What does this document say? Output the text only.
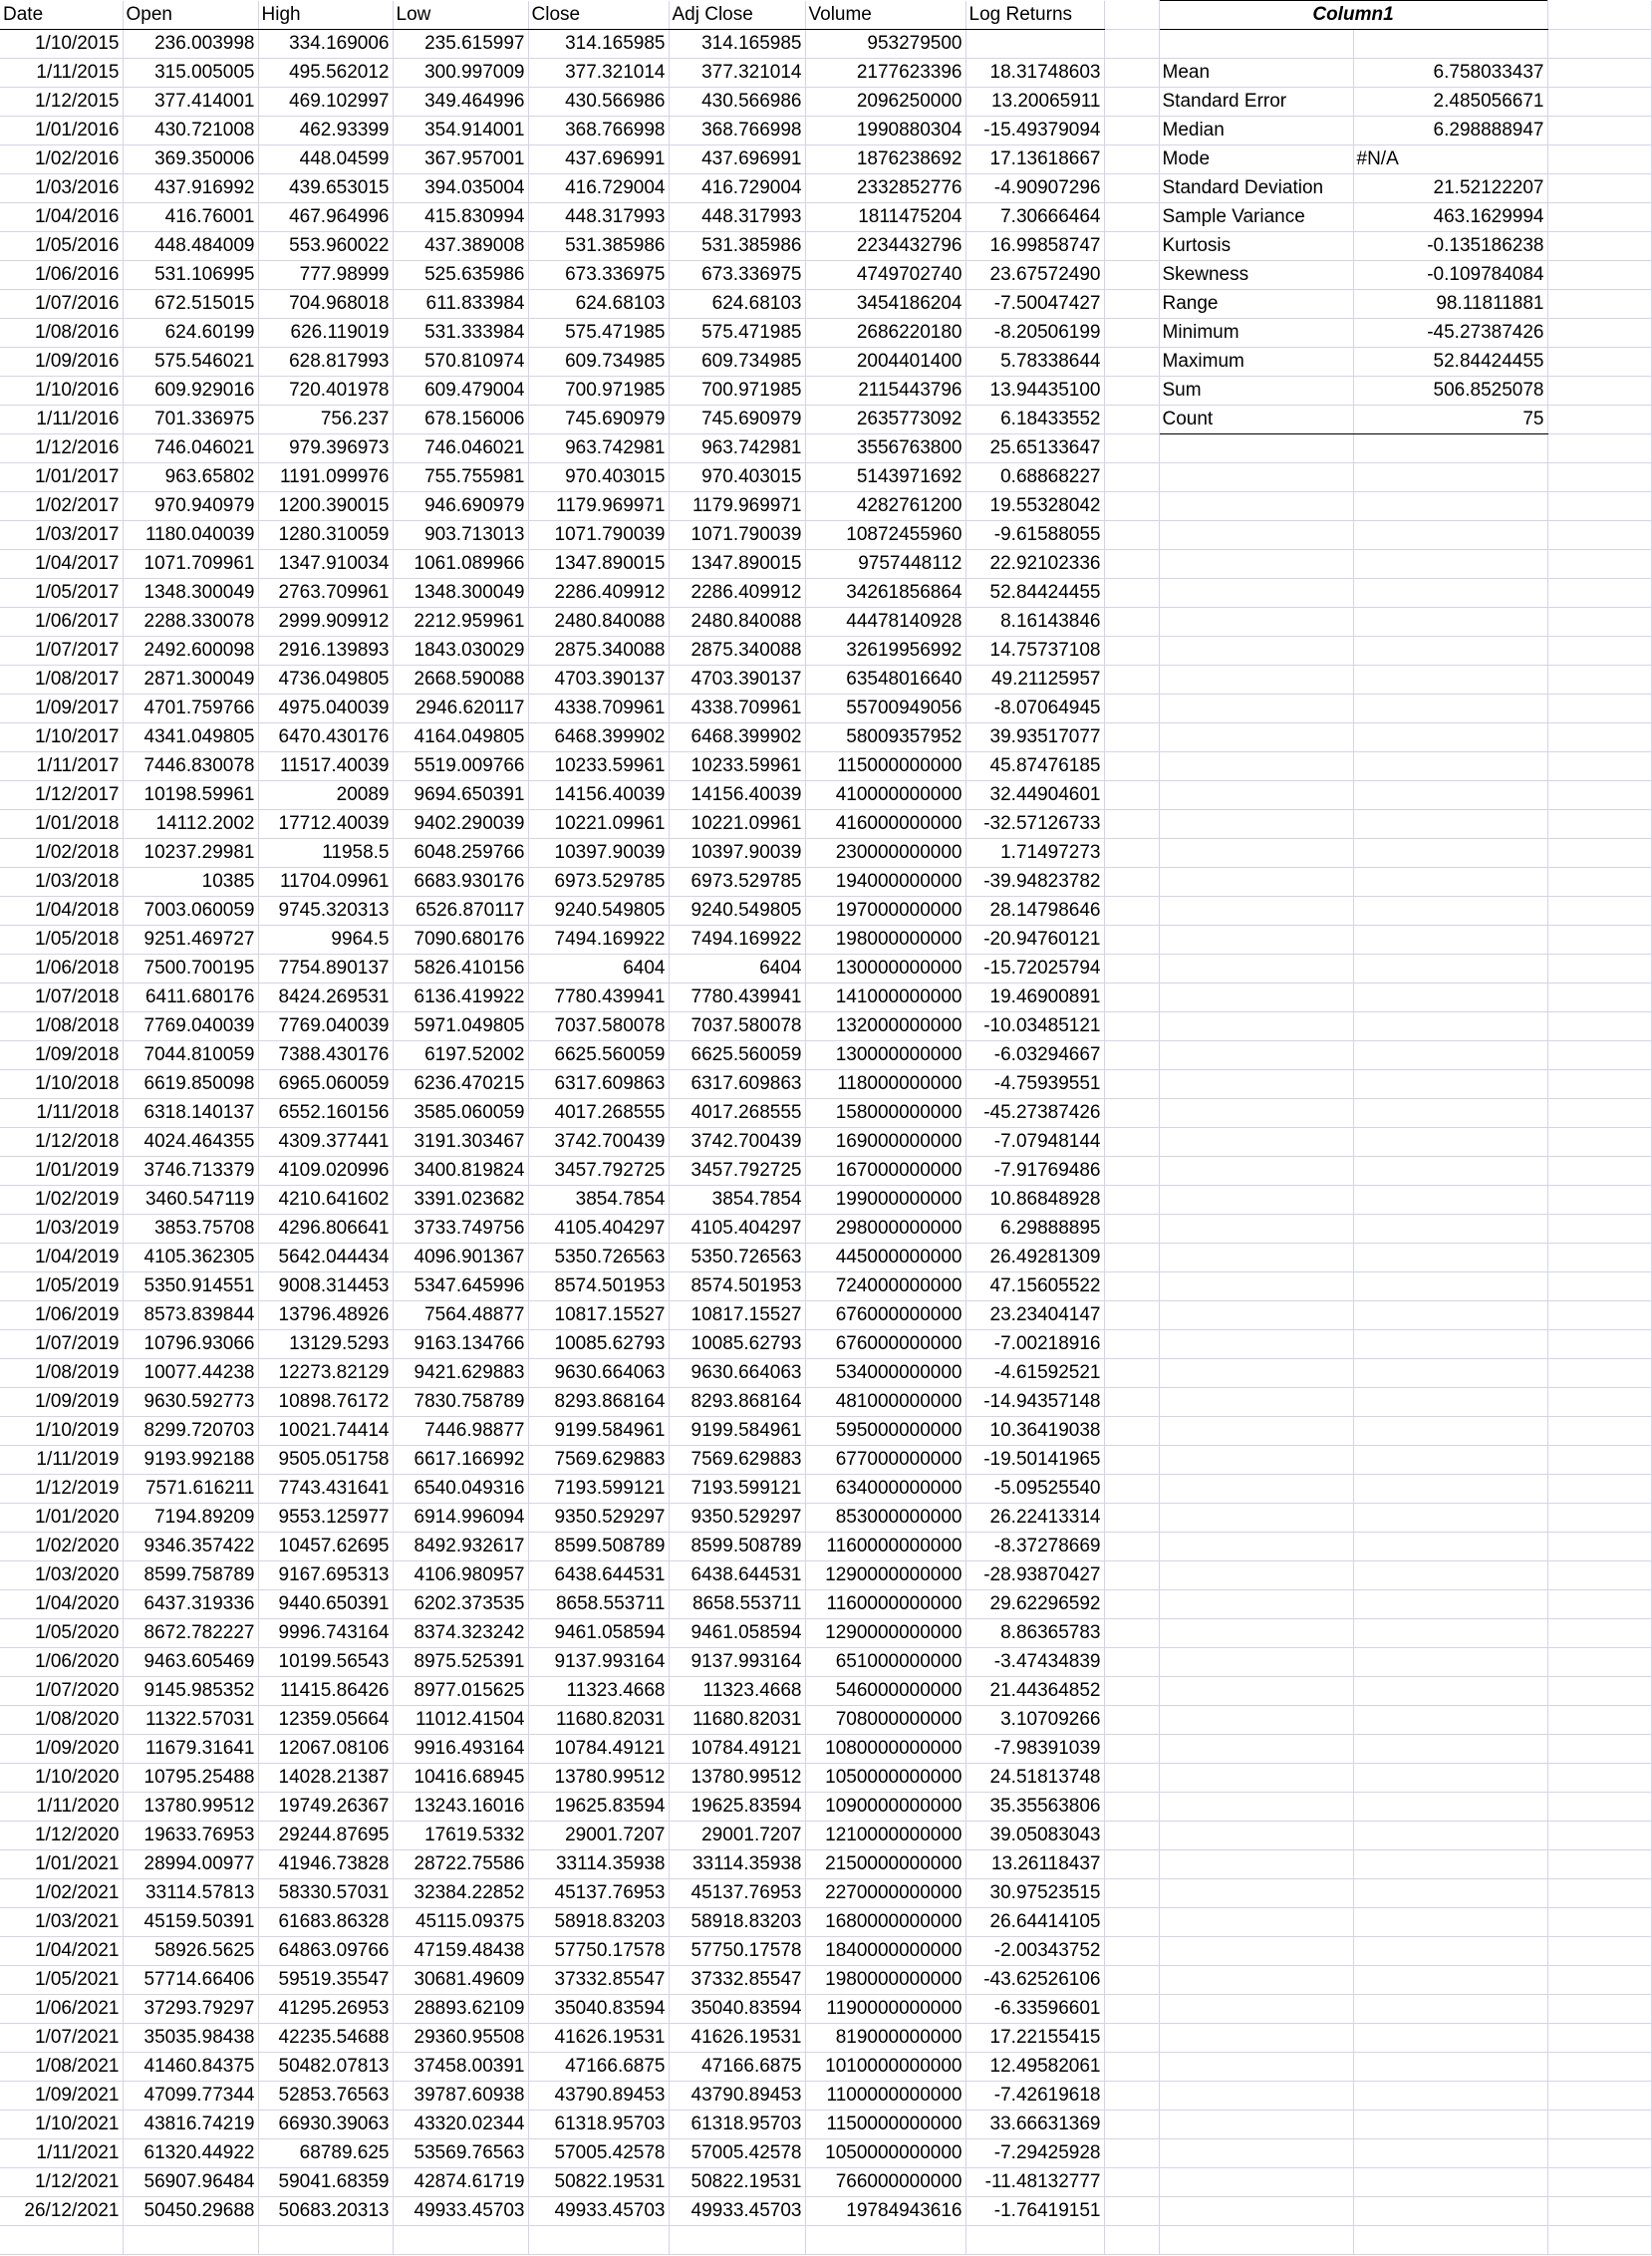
Date	Open	High	Low	Close	Adj Close	Volume	Log Returns		Column1		
1/10/2015	236.003998	334.169006	235.615997	314.165985	314.165985	953279500					
1/11/2015	315.005005	495.562012	300.997009	377.321014	377.321014	2177623396	18.31748603		Mean	6.758033437	
1/12/2015	377.414001	469.102997	349.464996	430.566986	430.566986	2096250000	13.20065911		Standard Error	2.485056671	
1/01/2016	430.721008	462.93399	354.914001	368.766998	368.766998	1990880304	-15.49379094		Median	6.298888947	
1/02/2016	369.350006	448.04599	367.957001	437.696991	437.696991	1876238692	17.13618667		Mode	#N/A	
1/03/2016	437.916992	439.653015	394.035004	416.729004	416.729004	2332852776	-4.90907296		Standard Deviation	21.52122207	
1/04/2016	416.76001	467.964996	415.830994	448.317993	448.317993	1811475204	7.30666464		Sample Variance	463.1629994	
1/05/2016	448.484009	553.960022	437.389008	531.385986	531.385986	2234432796	16.99858747		Kurtosis	-0.135186238	
1/06/2016	531.106995	777.98999	525.635986	673.336975	673.336975	4749702740	23.67572490		Skewness	-0.109784084	
1/07/2016	672.515015	704.968018	611.833984	624.68103	624.68103	3454186204	-7.50047427		Range	98.11811881	
1/08/2016	624.60199	626.119019	531.333984	575.471985	575.471985	2686220180	-8.20506199		Minimum	-45.27387426	
1/09/2016	575.546021	628.817993	570.810974	609.734985	609.734985	2004401400	5.78338644		Maximum	52.84424455	
1/10/2016	609.929016	720.401978	609.479004	700.971985	700.971985	2115443796	13.94435100		Sum	506.8525078	
1/11/2016	701.336975	756.237	678.156006	745.690979	745.690979	2635773092	6.18433552		Count	75	
1/12/2016	746.046021	979.396973	746.046021	963.742981	963.742981	3556763800	25.65133647				
1/01/2017	963.65802	1191.099976	755.755981	970.403015	970.403015	5143971692	0.68868227				
1/02/2017	970.940979	1200.390015	946.690979	1179.969971	1179.969971	4282761200	19.55328042				
1/03/2017	1180.040039	1280.310059	903.713013	1071.790039	1071.790039	10872455960	-9.61588055				
1/04/2017	1071.709961	1347.910034	1061.089966	1347.890015	1347.890015	9757448112	22.92102336				
1/05/2017	1348.300049	2763.709961	1348.300049	2286.409912	2286.409912	34261856864	52.84424455				
1/06/2017	2288.330078	2999.909912	2212.959961	2480.840088	2480.840088	44478140928	8.16143846				
1/07/2017	2492.600098	2916.139893	1843.030029	2875.340088	2875.340088	32619956992	14.75737108				
1/08/2017	2871.300049	4736.049805	2668.590088	4703.390137	4703.390137	63548016640	49.21125957				
1/09/2017	4701.759766	4975.040039	2946.620117	4338.709961	4338.709961	55700949056	-8.07064945				
1/10/2017	4341.049805	6470.430176	4164.049805	6468.399902	6468.399902	58009357952	39.93517077				
1/11/2017	7446.830078	11517.40039	5519.009766	10233.59961	10233.59961	115000000000	45.87476185				
1/12/2017	10198.59961	20089	9694.650391	14156.40039	14156.40039	410000000000	32.44904601				
1/01/2018	14112.2002	17712.40039	9402.290039	10221.09961	10221.09961	416000000000	-32.57126733				
1/02/2018	10237.29981	11958.5	6048.259766	10397.90039	10397.90039	230000000000	1.71497273				
1/03/2018	10385	11704.09961	6683.930176	6973.529785	6973.529785	194000000000	-39.94823782				
1/04/2018	7003.060059	9745.320313	6526.870117	9240.549805	9240.549805	197000000000	28.14798646				
1/05/2018	9251.469727	9964.5	7090.680176	7494.169922	7494.169922	198000000000	-20.94760121				
1/06/2018	7500.700195	7754.890137	5826.410156	6404	6404	130000000000	-15.72025794				
1/07/2018	6411.680176	8424.269531	6136.419922	7780.439941	7780.439941	141000000000	19.46900891				
1/08/2018	7769.040039	7769.040039	5971.049805	7037.580078	7037.580078	132000000000	-10.03485121				
1/09/2018	7044.810059	7388.430176	6197.52002	6625.560059	6625.560059	130000000000	-6.03294667				
1/10/2018	6619.850098	6965.060059	6236.470215	6317.609863	6317.609863	118000000000	-4.75939551				
1/11/2018	6318.140137	6552.160156	3585.060059	4017.268555	4017.268555	158000000000	-45.27387426				
1/12/2018	4024.464355	4309.377441	3191.303467	3742.700439	3742.700439	169000000000	-7.07948144				
1/01/2019	3746.713379	4109.020996	3400.819824	3457.792725	3457.792725	167000000000	-7.91769486				
1/02/2019	3460.547119	4210.641602	3391.023682	3854.7854	3854.7854	199000000000	10.86848928				
1/03/2019	3853.75708	4296.806641	3733.749756	4105.404297	4105.404297	298000000000	6.29888895				
1/04/2019	4105.362305	5642.044434	4096.901367	5350.726563	5350.726563	445000000000	26.49281309				
1/05/2019	5350.914551	9008.314453	5347.645996	8574.501953	8574.501953	724000000000	47.15605522				
1/06/2019	8573.839844	13796.48926	7564.48877	10817.15527	10817.15527	676000000000	23.23404147				
1/07/2019	10796.93066	13129.5293	9163.134766	10085.62793	10085.62793	676000000000	-7.00218916				
1/08/2019	10077.44238	12273.82129	9421.629883	9630.664063	9630.664063	534000000000	-4.61592521				
1/09/2019	9630.592773	10898.76172	7830.758789	8293.868164	8293.868164	481000000000	-14.94357148				
1/10/2019	8299.720703	10021.74414	7446.98877	9199.584961	9199.584961	595000000000	10.36419038				
1/11/2019	9193.992188	9505.051758	6617.166992	7569.629883	7569.629883	677000000000	-19.50141965				
1/12/2019	7571.616211	7743.431641	6540.049316	7193.599121	7193.599121	634000000000	-5.09525540				
1/01/2020	7194.89209	9553.125977	6914.996094	9350.529297	9350.529297	853000000000	26.22413314				
1/02/2020	9346.357422	10457.62695	8492.932617	8599.508789	8599.508789	1160000000000	-8.37278669				
1/03/2020	8599.758789	9167.695313	4106.980957	6438.644531	6438.644531	1290000000000	-28.93870427				
1/04/2020	6437.319336	9440.650391	6202.373535	8658.553711	8658.553711	1160000000000	29.62296592				
1/05/2020	8672.782227	9996.743164	8374.323242	9461.058594	9461.058594	1290000000000	8.86365783				
1/06/2020	9463.605469	10199.56543	8975.525391	9137.993164	9137.993164	651000000000	-3.47434839				
1/07/2020	9145.985352	11415.86426	8977.015625	11323.4668	11323.4668	546000000000	21.44364852				
1/08/2020	11322.57031	12359.05664	11012.41504	11680.82031	11680.82031	708000000000	3.10709266				
1/09/2020	11679.31641	12067.08106	9916.493164	10784.49121	10784.49121	1080000000000	-7.98391039				
1/10/2020	10795.25488	14028.21387	10416.68945	13780.99512	13780.99512	1050000000000	24.51813748				
1/11/2020	13780.99512	19749.26367	13243.16016	19625.83594	19625.83594	1090000000000	35.35563806				
1/12/2020	19633.76953	29244.87695	17619.5332	29001.7207	29001.7207	1210000000000	39.05083043				
1/01/2021	28994.00977	41946.73828	28722.75586	33114.35938	33114.35938	2150000000000	13.26118437				
1/02/2021	33114.57813	58330.57031	32384.22852	45137.76953	45137.76953	2270000000000	30.97523515				
1/03/2021	45159.50391	61683.86328	45115.09375	58918.83203	58918.83203	1680000000000	26.64414105				
1/04/2021	58926.5625	64863.09766	47159.48438	57750.17578	57750.17578	1840000000000	-2.00343752				
1/05/2021	57714.66406	59519.35547	30681.49609	37332.85547	37332.85547	1980000000000	-43.62526106				
1/06/2021	37293.79297	41295.26953	28893.62109	35040.83594	35040.83594	1190000000000	-6.33596601				
1/07/2021	35035.98438	42235.54688	29360.95508	41626.19531	41626.19531	819000000000	17.22155415				
1/08/2021	41460.84375	50482.07813	37458.00391	47166.6875	47166.6875	1010000000000	12.49582061				
1/09/2021	47099.77344	52853.76563	39787.60938	43790.89453	43790.89453	1100000000000	-7.42619618				
1/10/2021	43816.74219	66930.39063	43320.02344	61318.95703	61318.95703	1150000000000	33.66631369				
1/11/2021	61320.44922	68789.625	53569.76563	57005.42578	57005.42578	1050000000000	-7.29425928				
1/12/2021	56907.96484	59041.68359	42874.61719	50822.19531	50822.19531	766000000000	-11.48132777				
26/12/2021	50450.29688	50683.20313	49933.45703	49933.45703	49933.45703	19784943616	-1.76419151				
